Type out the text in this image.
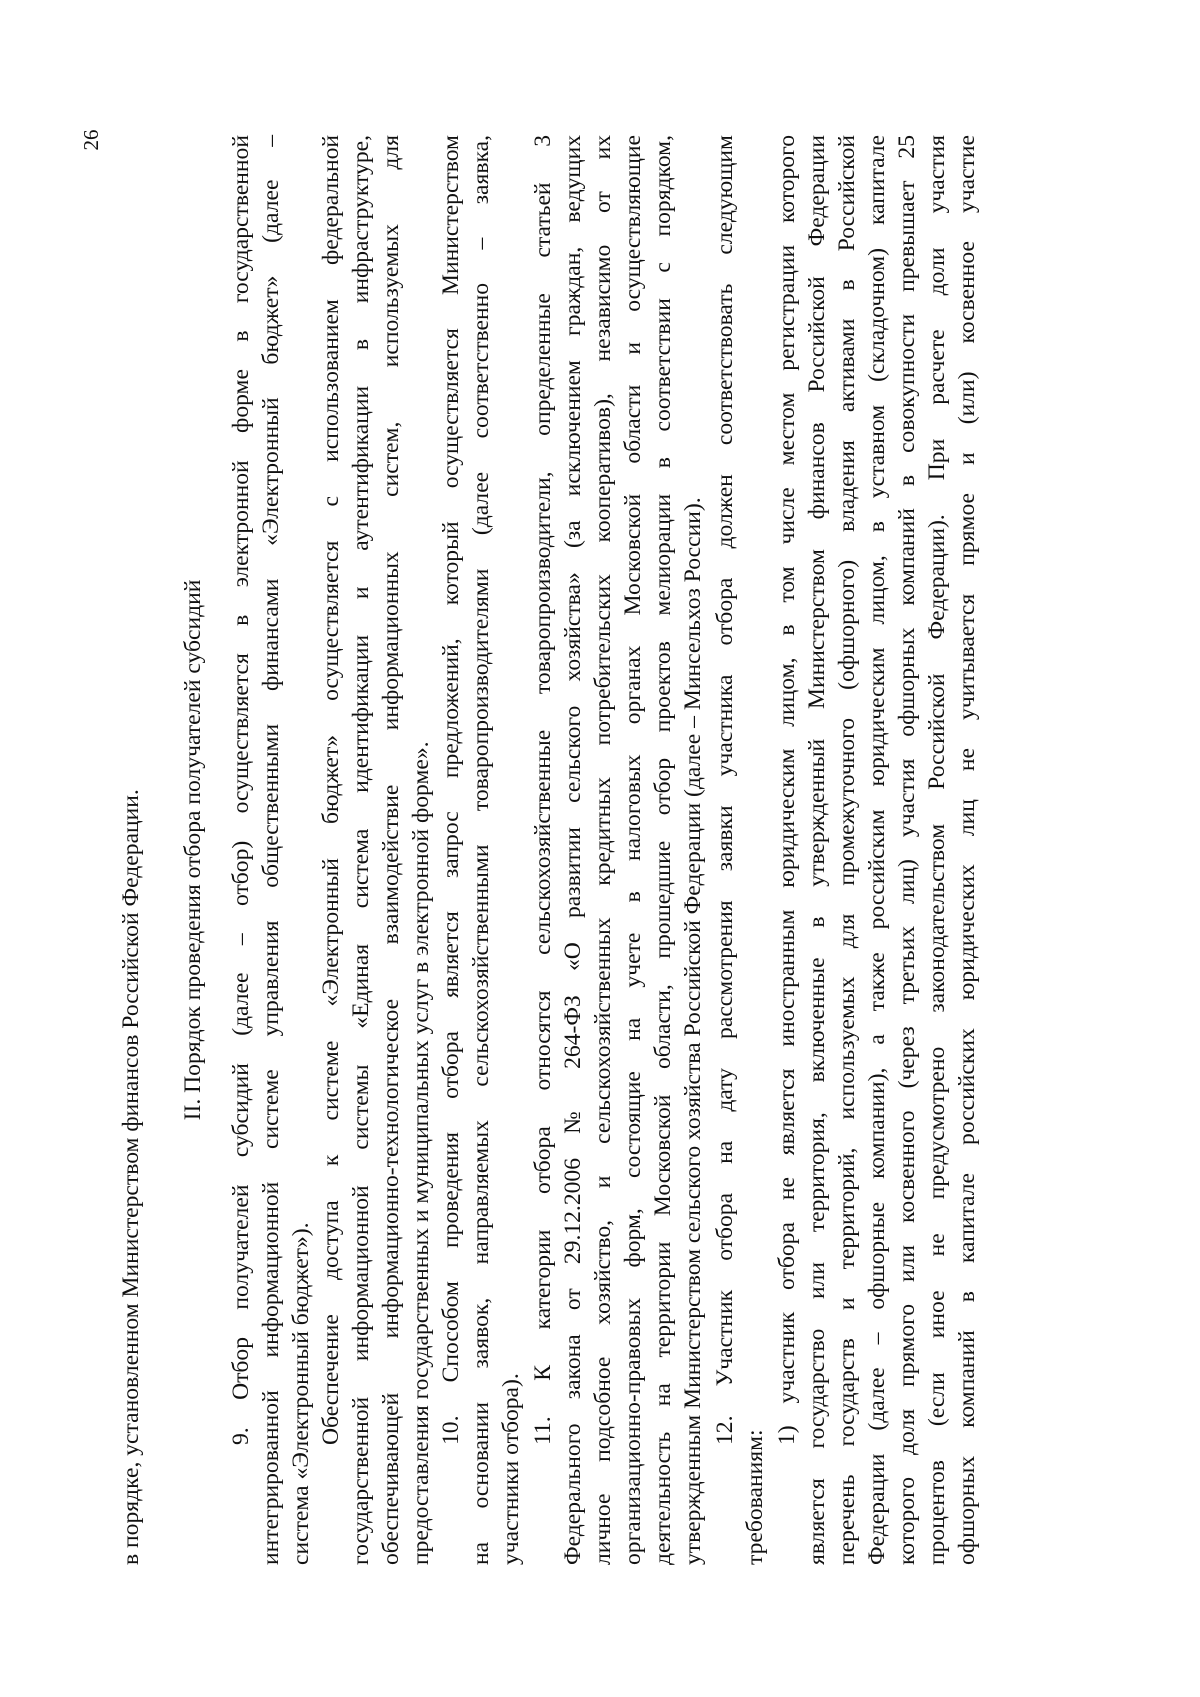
26
в порядке, установленном Министерством финансов Российской Федерации. II. Порядок проведения отбора получателей субсидий 9. Отбор получателей субсидий (далее – отбор) осуществляется в электронной форме в государственной интегрированной информационной системе управления общественными финансами «Электронный бюджет» (далее – система «Электронный бюджет»). Обеспечение доступа к системе «Электронный бюджет» осуществляется с использованием федеральной государственной информационной системы «Единая система идентификации и аутентификации в инфраструктуре, обеспечивающей информационно-технологическое взаимодействие информационных систем, используемых для предоставления государственных и муниципальных услуг в электронной форме». 10. Способом проведения отбора является запрос предложений, который осуществляется Министерством на основании заявок, направляемых сельскохозяйственными товаропроизводителями (далее соответственно – заявка, участники отбора).
11. К категории отбора относятся сельскохозяйственные товаропроизводители, определенные статьей 3 Федерального закона от 29.12.2006 № 264-ФЗ «О развитии сельского хозяйства» (за исключением граждан, ведущих личное подсобное хозяйство, и сельскохозяйственных кредитных потребительских кооперативов), независимо от их организационно-правовых форм, состоящие на учете в налоговых органах Московской области и осуществляющие деятельность на территории Московской области, прошедшие отбор проектов мелиорации в соответствии с порядком, утвержденным Министерством сельского хозяйства Российской Федерации (далее – Минсельхоз России). 12. Участник отбора на дату рассмотрения заявки участника отбора должен соответствовать следующим
требованиям:
1) участник отбора не является иностранным юридическим лицом, в том числе местом регистрации которого является государство или территория, включенные в утвержденный Министерством финансов Российской Федерации перечень государств и территорий, используемых для промежуточного (офшорного) владения активами в Российской Федерации (далее – офшорные компании), а также российским юридическим лицом, в уставном (складочном) капитале которого доля прямого или косвенного (через третьих лиц) участия офшорных компаний в совокупности превышает 25 процентов (если иное не предусмотрено законодательством Российской Федерации). При расчете доли участия офшорных компаний в капитале российских юридических лиц не учитывается прямое и (или) косвенное участие
